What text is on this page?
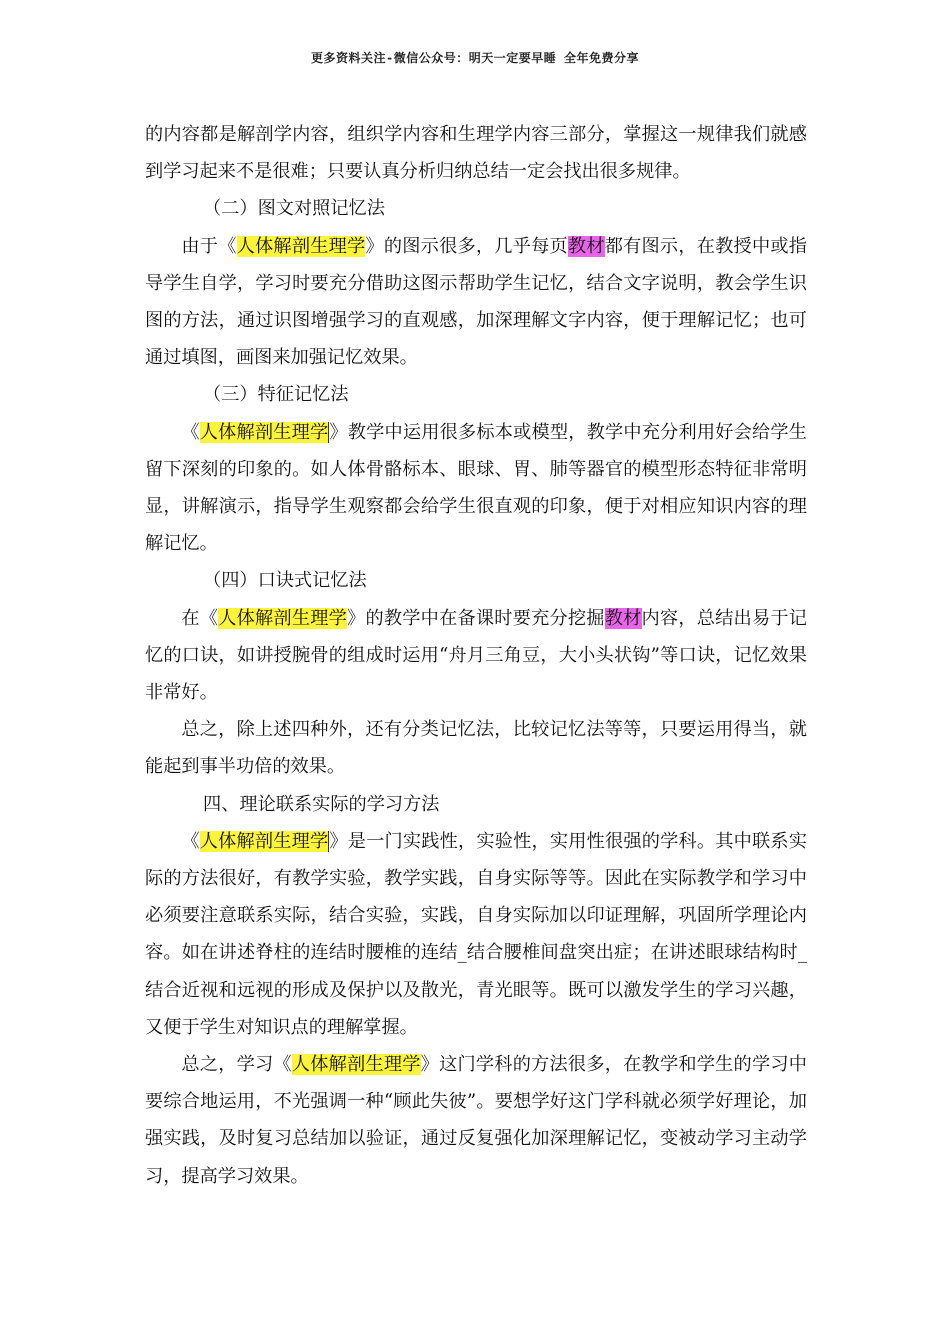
更多资料关注-微信公众号：明天一定要早睡 全年免费分享

的内容都是解剖学内容，组织学内容和生理学内容三部分，掌握这一规律我们就感到学习起来不是很难；只要认真分析归纳总结一定会找出很多规律。

（二）图文对照记忆法

由于《人体解剖生理学》的图示很多，几乎每页教材都有图示，在教授中或指导学生自学，学习时要充分借助这图示帮助学生记忆，结合文字说明，教会学生识图的方法，通过识图增强学习的直观感，加深理解文字内容，便于理解记忆；也可通过填图，画图来加强记忆效果。

（三）特征记忆法

《人体解剖生理学》教学中运用很多标本或模型，教学中充分利用好会给学生留下深刻的印象的。如人体骨骼标本、眼球、胃、肺等器官的模型形态特征非常明显，讲解演示，指导学生观察都会给学生很直观的印象，便于对相应知识内容的理解记忆。

（四）口诀式记忆法

在《人体解剖生理学》的教学中在备课时要充分挖掘教材内容，总结出易于记忆的口诀，如讲授腕骨的组成时运用“舟月三角豆，大小头状钩”等口诀，记忆效果非常好。

总之，除上述四种外，还有分类记忆法，比较记忆法等等，只要运用得当，就能起到事半功倍的效果。

四、理论联系实际的学习方法

《人体解剖生理学》是一门实践性，实验性，实用性很强的学科。其中联系实际的方法很好，有教学实验，教学实践，自身实际等等。因此在实际教学和学习中必须要注意联系实际，结合实验，实践，自身实际加以印证理解，巩固所学理论内容。如在讲述脊柱的连结时腰椎的连结_结合腰椎间盘突出症；在讲述眼球结构时_结合近视和远视的形成及保护以及散光，青光眼等。既可以激发学生的学习兴趣，又便于学生对知识点的理解掌握。

总之，学习《人体解剖生理学》这门学科的方法很多，在教学和学生的学习中要综合地运用，不光强调一种“顾此失彼”。要想学好这门学科就必须学好理论，加强实践，及时复习总结加以验证，通过反复强化加深理解记忆，变被动学习主动学习，提高学习效果。
